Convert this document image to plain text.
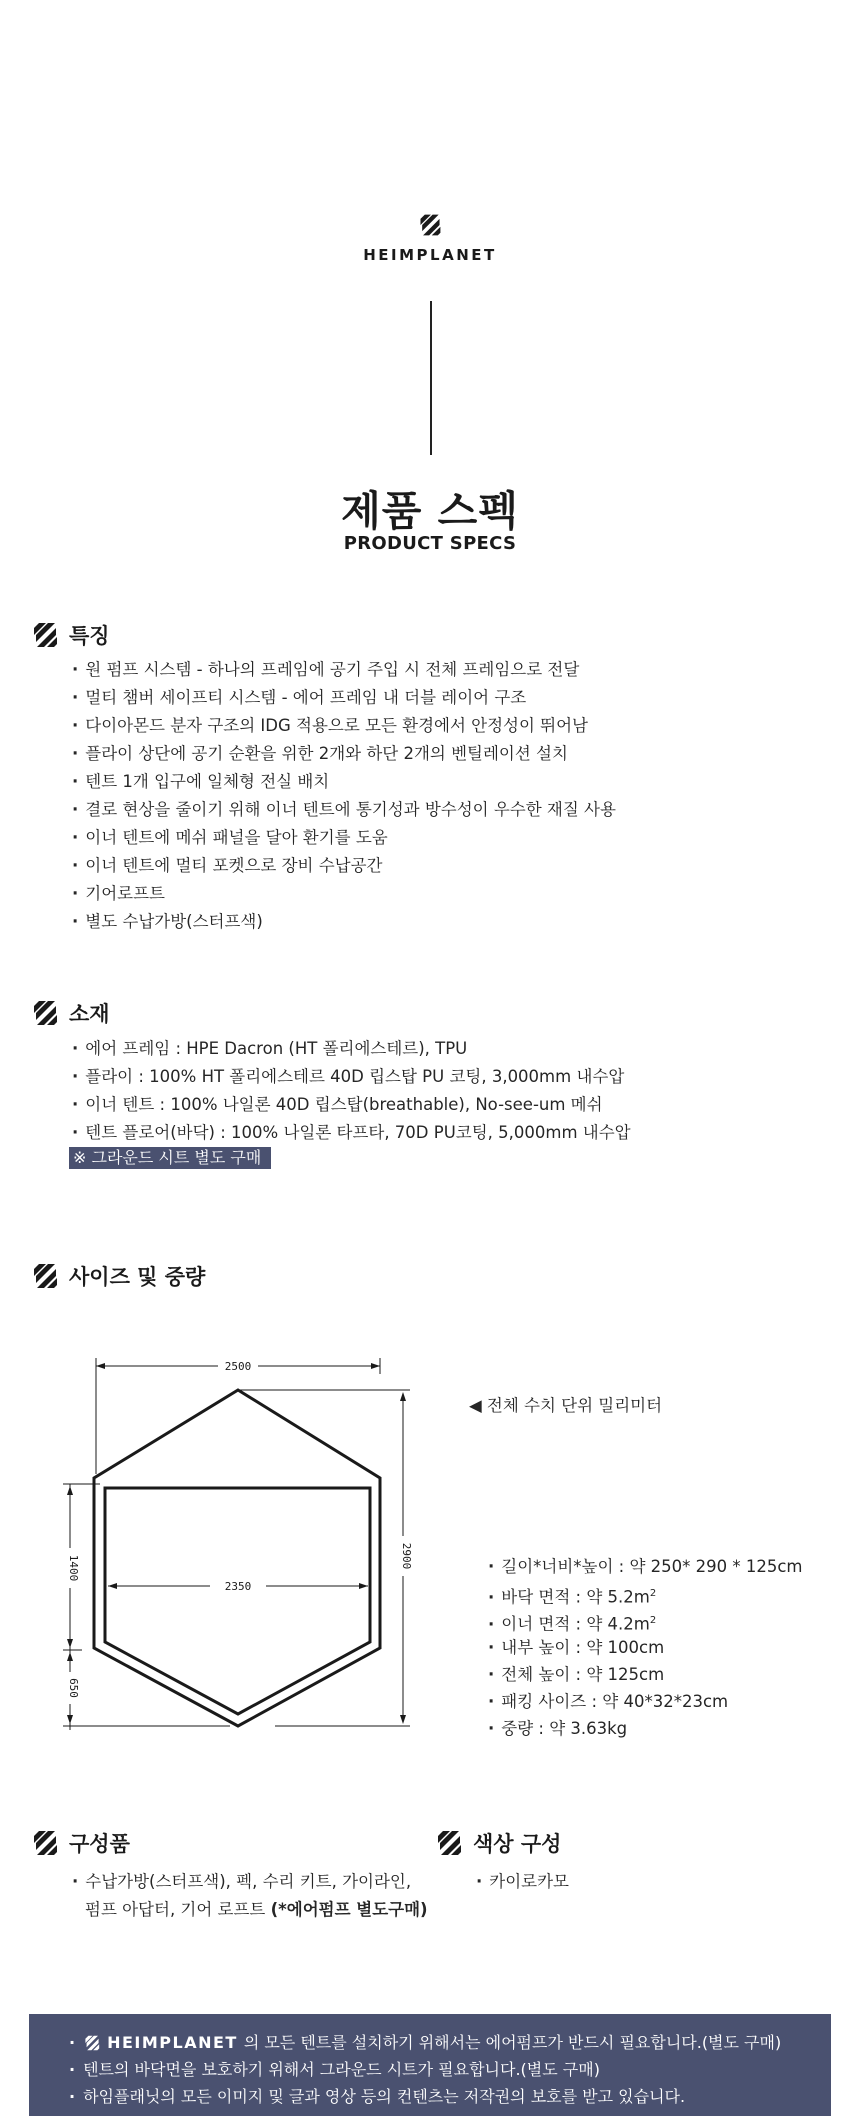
HEIMPLANET
제품 스펙
PRODUCT SPECS
특징
· 원 펌프 시스템 - 하나의 프레임에 공기 주입 시 전체 프레임으로 전달
· 멀티 챔버 세이프티 시스템 - 에어 프레임 내 더블 레이어 구조
· 다이아몬드 분자 구조의 IDG 적용으로 모든 환경에서 안정성이 뛰어남
· 플라이 상단에 공기 순환을 위한 2개와 하단 2개의 벤틸레이션 설치
· 텐트 1개 입구에 일체형 전실 배치
· 결로 현상을 줄이기 위해 이너 텐트에 통기성과 방수성이 우수한 재질 사용
· 이너 텐트에 메쉬 패널을 달아 환기를 도움
· 이너 텐트에 멀티 포켓으로 장비 수납공간
· 기어로프트
· 별도 수납가방(스터프색)
소재
· 에어 프레임 : HPE Dacron (HT 폴리에스테르), TPU
· 플라이 : 100% HT 폴리에스테르 40D 립스탑 PU 코팅, 3,000mm 내수압
· 이너 텐트 : 100% 나일론 40D 립스탑(breathable), No-see-um 메쉬
· 텐트 플로어(바닥) : 100% 나일론 타프타, 70D PU코팅, 5,000mm 내수압
※ 그라운드 시트 별도 구매
사이즈 및 중량
2500
2350
1400
650
2900
◀ 전체 수치 단위 밀리미터
· 길이*너비*높이 : 약 250* 290 * 125cm
· 바닥 면적 : 약 $5.2m^2$
· 이너 면적 : 약 $4.2m^2$
· 내부 높이 : 약 100cm
· 전체 높이 : 약 125cm
· 패킹 사이즈 : 약 40*32*23cm
· 중량 : 약 3.63kg
구성품
· 수납가방(스터프색), 펙, 수리 키트, 가이라인,
펌프 아답터, 기어 로프트 (*에어펌프 별도구매)
색상 구성
· 카이로카모
· HEIMPLANET 의 모든 텐트를 설치하기 위해서는 에어펌프가 반드시 필요합니다.(별도 구매)
· 텐트의 바닥면을 보호하기 위해서 그라운드 시트가 필요합니다.(별도 구매)
· 하임플래닛의 모든 이미지 및 글과 영상 등의 컨텐츠는 저작권의 보호를 받고 있습니다.
